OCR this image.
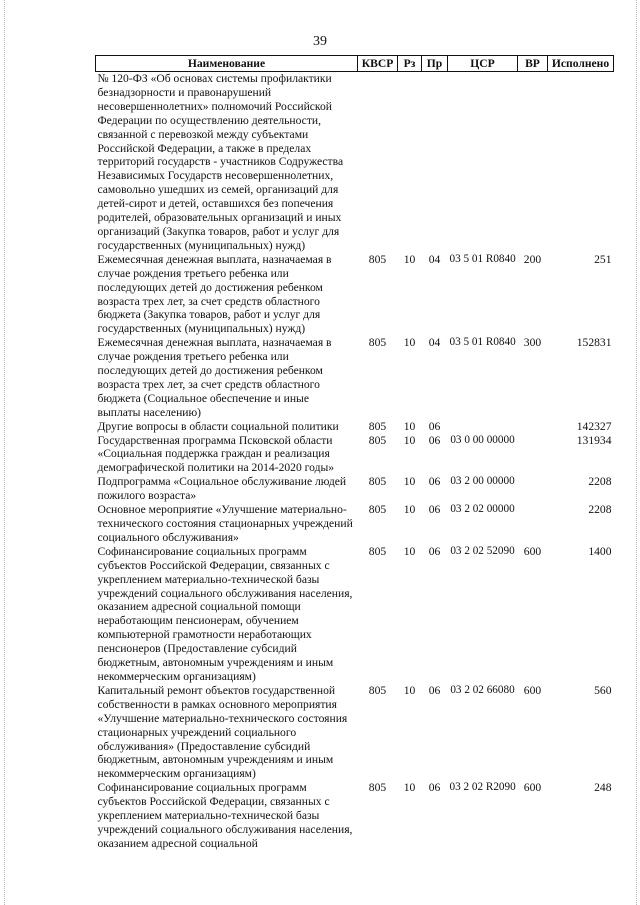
39
Наименование	КВСР	Рз	Пр	ЦСР	ВР	Исполнено
№ 120-ФЗ «Об основах системы профилактики безнадзорности и правонарушений несовершеннолетних» полномочий Российской Федерации по осуществлению деятельности, связанной с перевозкой между субъектами Российской Федерации, а также в пределах территорий государств - участников Содружества Независимых Государств несовершеннолетних, самовольно ушедших из семей, организаций для детей-сирот и детей, оставшихся без попечения родителей, образовательных организаций и иных организаций (Закупка товаров, работ и услуг для государственных (муниципальных) нужд)						
Ежемесячная денежная выплата, назначаемая в случае рождения третьего ребенка или последующих детей до достижения ребенком возраста трех лет, за счет средств областного бюджета (Закупка товаров, работ и услуг для государственных (муниципальных) нужд)	805	10	04	03 5 01 R0840	200	251
Ежемесячная денежная выплата, назначаемая в случае рождения третьего ребенка или последующих детей до достижения ребенком возраста трех лет, за счет средств областного бюджета (Социальное обеспечение и иные выплаты населению)	805	10	04	03 5 01 R0840	300	152831
Другие вопросы в области социальной политики	805	10	06			142327
Государственная программа Псковской области «Социальная поддержка граждан и реализация демографической политики на 2014-2020 годы»	805	10	06	03 0 00 00000		131934
Подпрограмма «Социальное обслуживание людей пожилого возраста»	805	10	06	03 2 00 00000		2208
Основное мероприятие «Улучшение материально-технического состояния стационарных учреждений социального обслуживания»	805	10	06	03 2 02 00000		2208
Софинансирование социальных программ субъектов Российской Федерации, связанных с укреплением материально-технической базы учреждений социального обслуживания населения, оказанием адресной социальной помощи неработающим пенсионерам, обучением компьютерной грамотности неработающих пенсионеров (Предоставление субсидий бюджетным, автономным учреждениям и иным некоммерческим организациям)	805	10	06	03 2 02 52090	600	1400
Капитальный ремонт объектов государственной собственности в рамках основного мероприятия «Улучшение материально-технического состояния стационарных учреждений социального обслуживания» (Предоставление субсидий бюджетным, автономным учреждениям и иным некоммерческим организациям)	805	10	06	03 2 02 66080	600	560
Софинансирование социальных программ субъектов Российской Федерации, связанных с укреплением материально-технической базы учреждений социального обслуживания населения, оказанием адресной социальной	805	10	06	03 2 02 R2090	600	248
